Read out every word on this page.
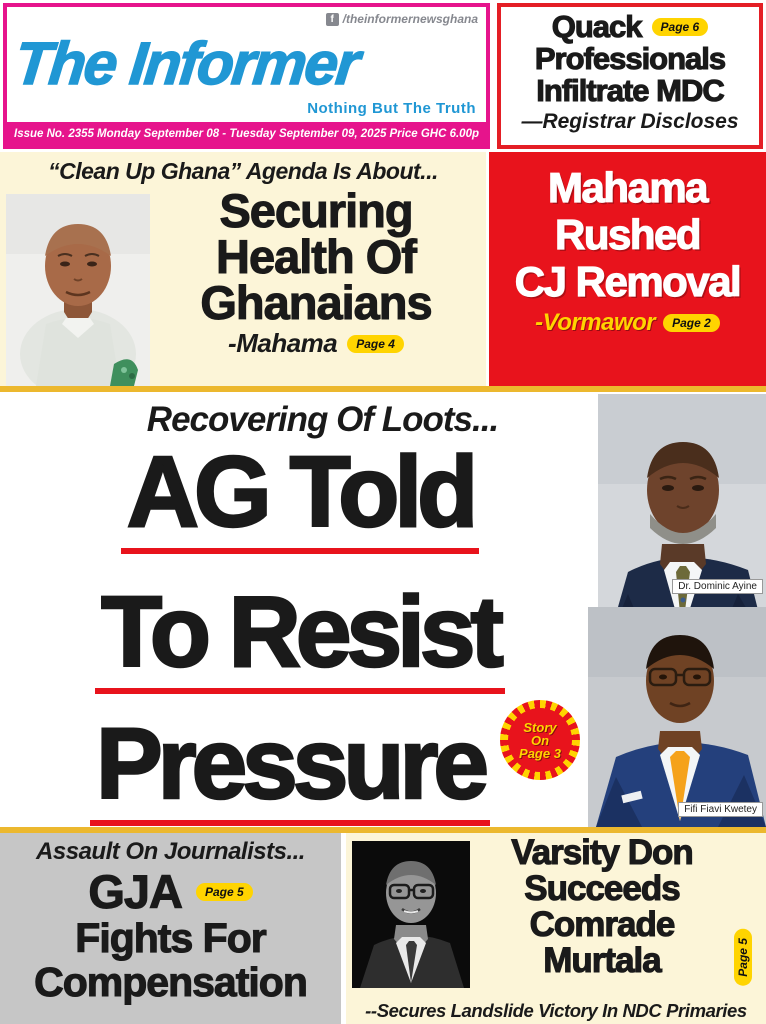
f
/theinformernewsghana
The Informer
Nothing But The Truth
Issue No. 2355 Monday September 08 - Tuesday September 09, 2025 Price GHC 6.00p
Quack	Page 6
Professionals
Infiltrate MDC
—Registrar Discloses
“Clean Up Ghana” Agenda Is About...
Securing
Health Of
Ghanaians
-Mahama	Page 4
Mahama
Rushed
CJ Removal
-Vormawor	Page 2
Recovering Of Loots...
AG Told
To Resist
Pressure	Story
On
Page 3
Dr. Dominic Ayine
Fifi Fiavi Kwetey
Assault On Journalists...
GJA	Page 5
Fights For
Compensation
Varsity Don
Succeeds
Comrade
Murtala	Page 5
--Secures Landslide Victory In NDC Primaries
